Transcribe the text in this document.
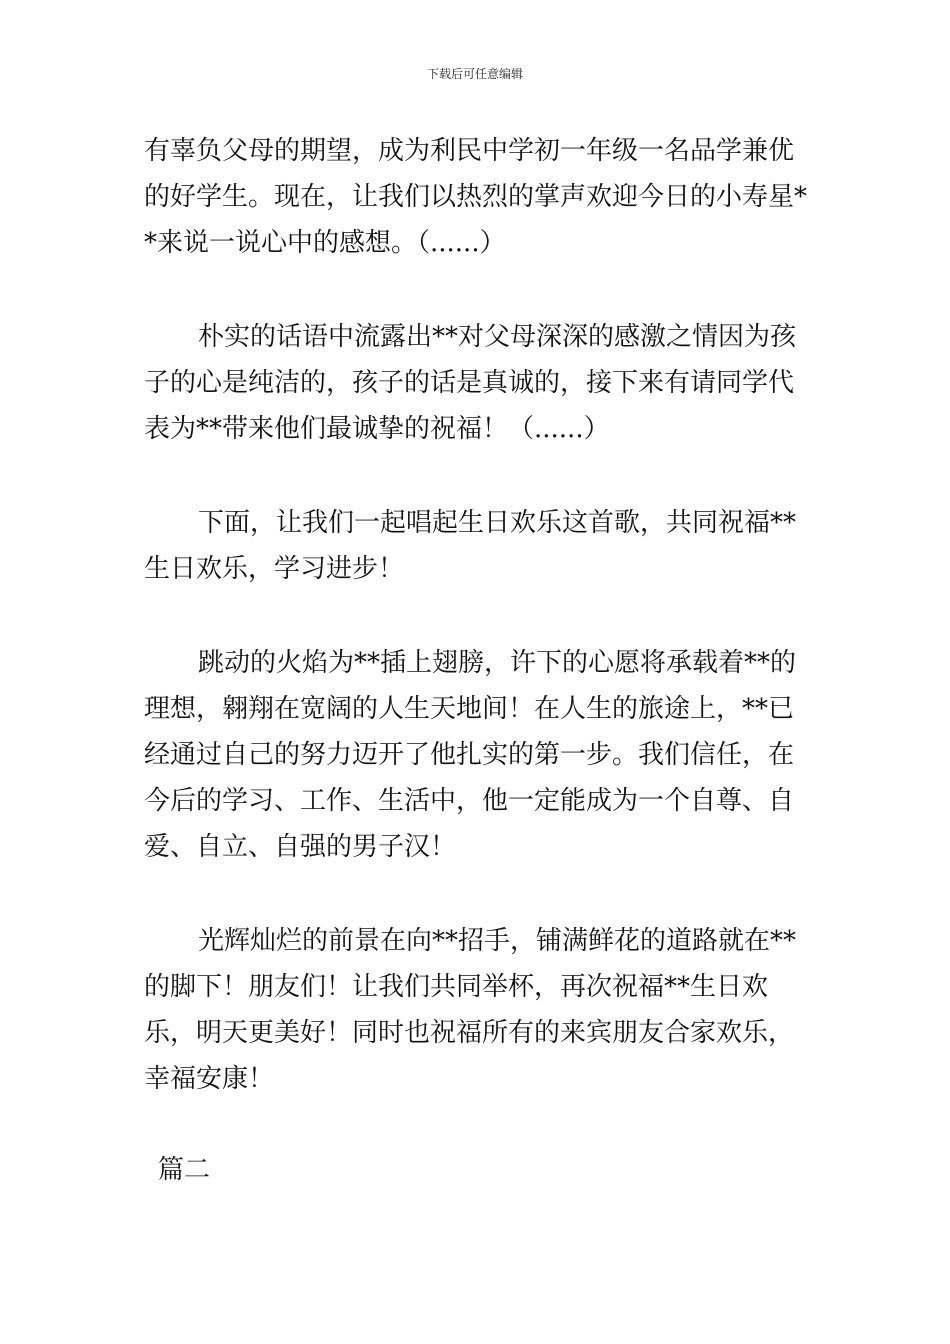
下载后可任意编辑

有辜负父母的期望，成为利民中学初一年级一名品学兼优的好学生。现在，让我们以热烈的掌声欢迎今日的小寿星**来说一说心中的感想。（......）

朴实的话语中流露出**对父母深深的感激之情因为孩子的心是纯洁的，孩子的话是真诚的，接下来有请同学代表为**带来他们最诚挚的祝福！（......）

下面，让我们一起唱起生日欢乐这首歌，共同祝福**生日欢乐，学习进步！

跳动的火焰为**插上翅膀，许下的心愿将承载着**的理想，翱翔在宽阔的人生天地间！在人生的旅途上，**已经通过自己的努力迈开了他扎实的第一步。我们信任，在今后的学习、工作、生活中，他一定能成为一个自尊、自爱、自立、自强的男子汉！

光辉灿烂的前景在向**招手，铺满鲜花的道路就在**的脚下！朋友们！让我们共同举杯，再次祝福**生日欢乐，明天更美好！同时也祝福所有的来宾朋友合家欢乐，幸福安康！

篇二
